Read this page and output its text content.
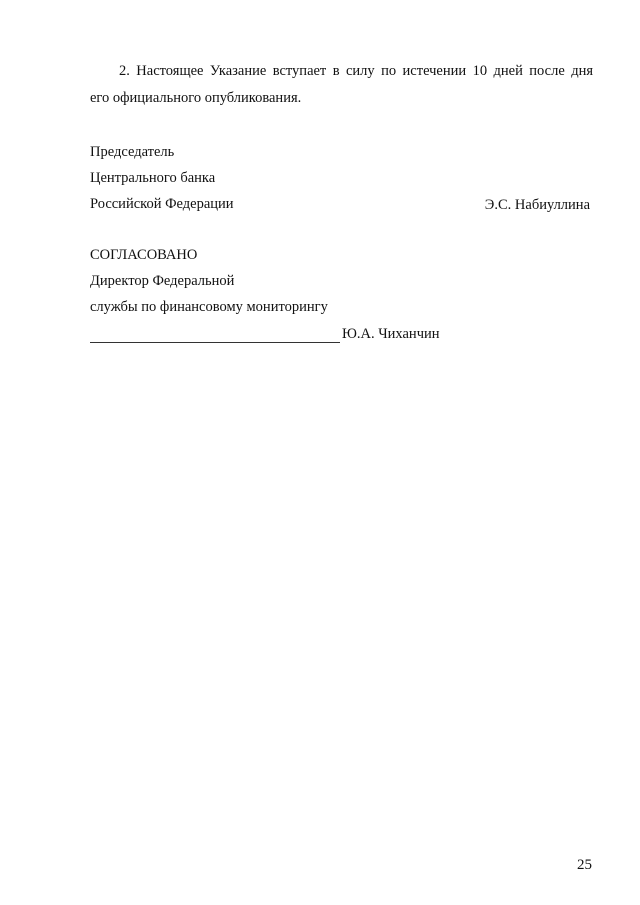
2. Настоящее Указание вступает в силу по истечении 10 дней после дня
его официального опубликования.
Председатель
Центрального банка
Российской Федерации	Э.С. Набиуллина
СОГЛАСОВАНО
Директор Федеральной
службы по финансовому мониторингу
Ю.А. Чиханчин
25
